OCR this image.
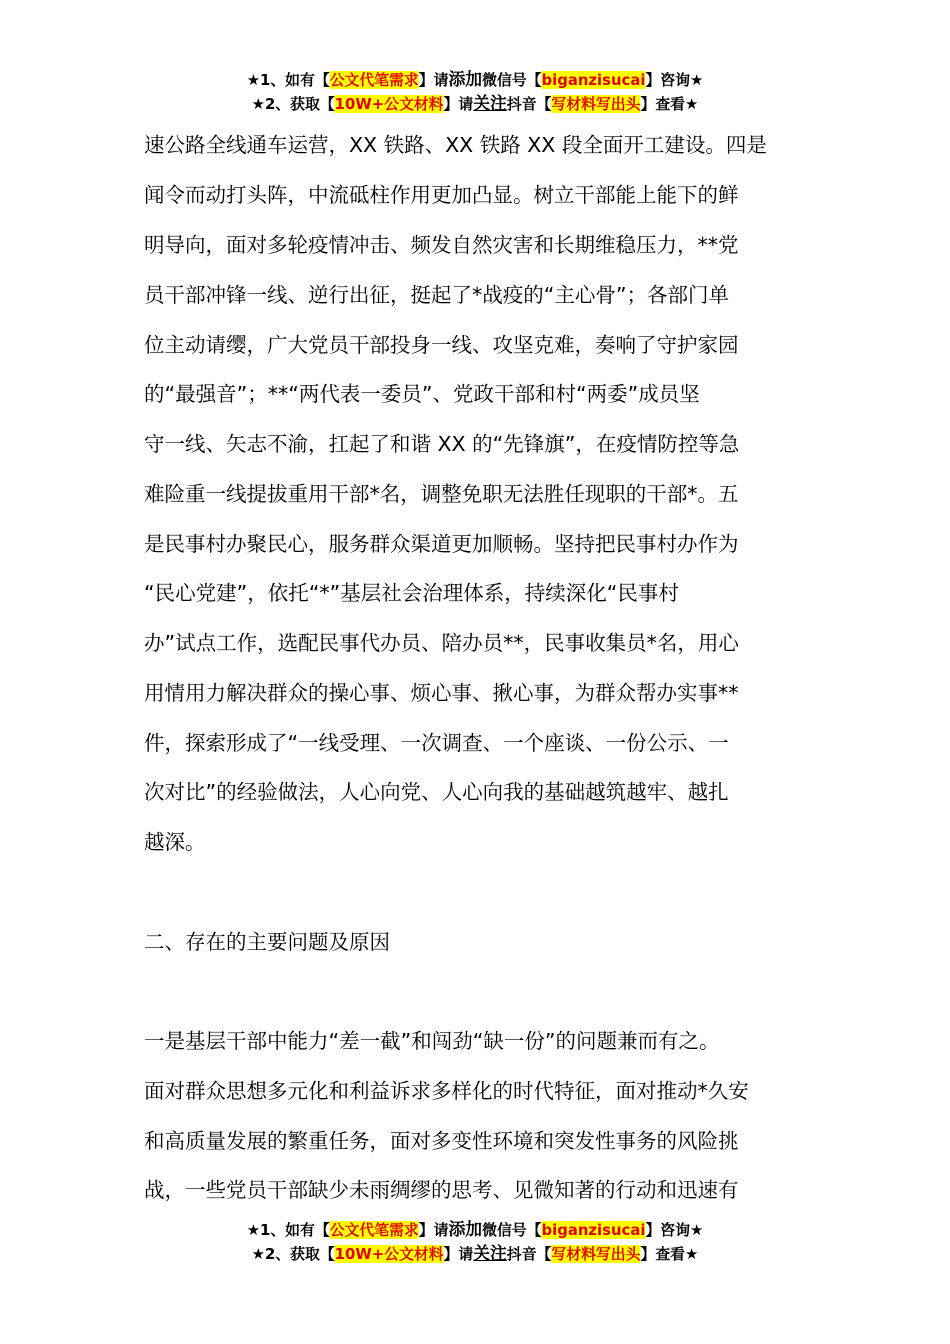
★1、如有【公文代笔需求】请添加微信号【biganzisucai】咨询★
★2、获取【10W+公文材料】请关注抖音【写材料写出头】查看★
速公路全线通车运营，XX 铁路、XX 铁路 XX 段全面开工建设。四是
闻令而动打头阵，中流砥柱作用更加凸显。树立干部能上能下的鲜
明导向，面对多轮疫情冲击、频发自然灾害和长期维稳压力，**党
员干部冲锋一线、逆行出征，挺起了*战疫的“主心骨”；各部门单
位主动请缨，广大党员干部投身一线、攻坚克难，奏响了守护家园
的“最强音”；**“两代表一委员”、党政干部和村“两委”成员坚
守一线、矢志不渝，扛起了和谐 XX 的“先锋旗”，在疫情防控等急
难险重一线提拔重用干部*名，调整免职无法胜任现职的干部*。五
是民事村办聚民心，服务群众渠道更加顺畅。坚持把民事村办作为
“民心党建”，依托“*”基层社会治理体系，持续深化“民事村
办”试点工作，选配民事代办员、陪办员**，民事收集员*名，用心
用情用力解决群众的操心事、烦心事、揪心事，为群众帮办实事**
件，探索形成了“一线受理、一次调查、一个座谈、一份公示、一
次对比”的经验做法，人心向党、人心向我的基础越筑越牢、越扎
越深。
二、存在的主要问题及原因
一是基层干部中能力“差一截”和闯劲“缺一份”的问题兼而有之。
面对群众思想多元化和利益诉求多样化的时代特征，面对推动*久安
和高质量发展的繁重任务，面对多变性环境和突发性事务的风险挑
战，一些党员干部缺少未雨绸缪的思考、见微知著的行动和迅速有
★1、如有【公文代笔需求】请添加微信号【biganzisucai】咨询★
★2、获取【10W+公文材料】请关注抖音【写材料写出头】查看★
